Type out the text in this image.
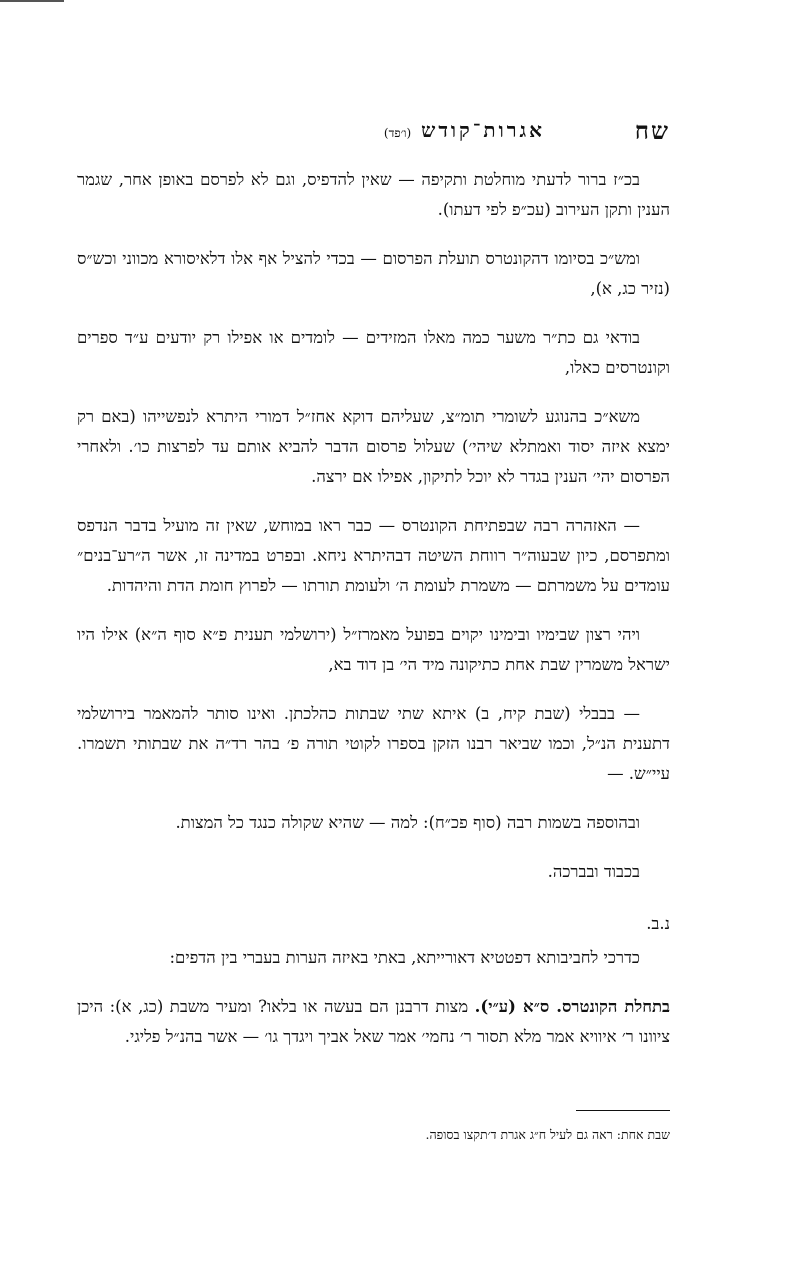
שח
אגרות־קודש (ו׳פד)

בכ״ז ברור לדעתי מוחלטת ותקיפה — שאין להדפיס, וגם לא לפרסם באופן אחר, שגמר הענין ותקן העירוב (עכ״פ לפי דעתו).

ומש״כ בסיומו דהקונטרס תועלת הפרסום — בכדי להציל אף אלו דלאיסורא מכווני וכש״ס (נזיר כג, א),

בודאי גם כת״ר משער כמה מאלו המזידים — לומדים או אפילו רק יודעים ע״ד ספרים וקונטרסים כאלו,

משא״כ בהנוגע לשומרי תומ״צ, שעליהם דוקא אחז״ל דמורי היתרא לנפשייהו (באם רק ימצא איזה יסוד ואמתלא שיהי׳) שעלול פרסום הדבר להביא אותם עד לפרצות כו׳. ולאחרי הפרסום יהי׳ הענין בגדר לא יוכל לתיקון, אפילו אם ירצה.

— האזהרה רבה שבפתיחת הקונטרס — כבר ראו במוחש, שאין זה מועיל בדבר הנדפס ומתפרסם, כיון שבעוה״ר רווחת השיטה דבהיתרא ניחא. ובפרט במדינה זו, אשר ה״רע־בנים״ עומדים על משמרתם — משמרת לעומת ה׳ ולעומת תורתו — לפרוץ חומת הדת והיהדות.

ויהי רצון שבימיו ובימינו יקוים בפועל מאמרז״ל (ירושלמי תענית פ״א סוף ה״א) אילו היו ישראל משמרין שבת אחת כתיקונה מיד הי׳ בן דוד בא,

— בבבלי (שבת קיח, ב) איתא שתי שבתות כהלכתן. ואינו סותר להמאמר בירושלמי דתענית הנ״ל, וכמו שביאר רבנו הזקן בספרו לקוטי תורה פ׳ בהר רד״ה את שבתותי תשמרו. עיי״ש. —

ובהוספה בשמות רבה (סוף פכ״ח): למה — שהיא שקולה כנגד כל המצות.

בכבוד ובברכה.

נ.ב.

כדרכי לחביבותא דפטטיא דאורייתא, באתי באיזה הערות בעברי בין הדפים:

בתחלת הקונטרס. ס״א (ע״י). מצות דרבנן הם בעשה או בלאו? ומעיר משבת (כג, א): היכן ציוונו ר׳ איוויא אמר מלא תסור ר׳ נחמי׳ אמר שאל אביך ויגדך גו׳ — אשר בהנ״ל פליגי.

שבת אחת: ראה גם לעיל ח״ג אגרת ד׳תקצו בסופה.
